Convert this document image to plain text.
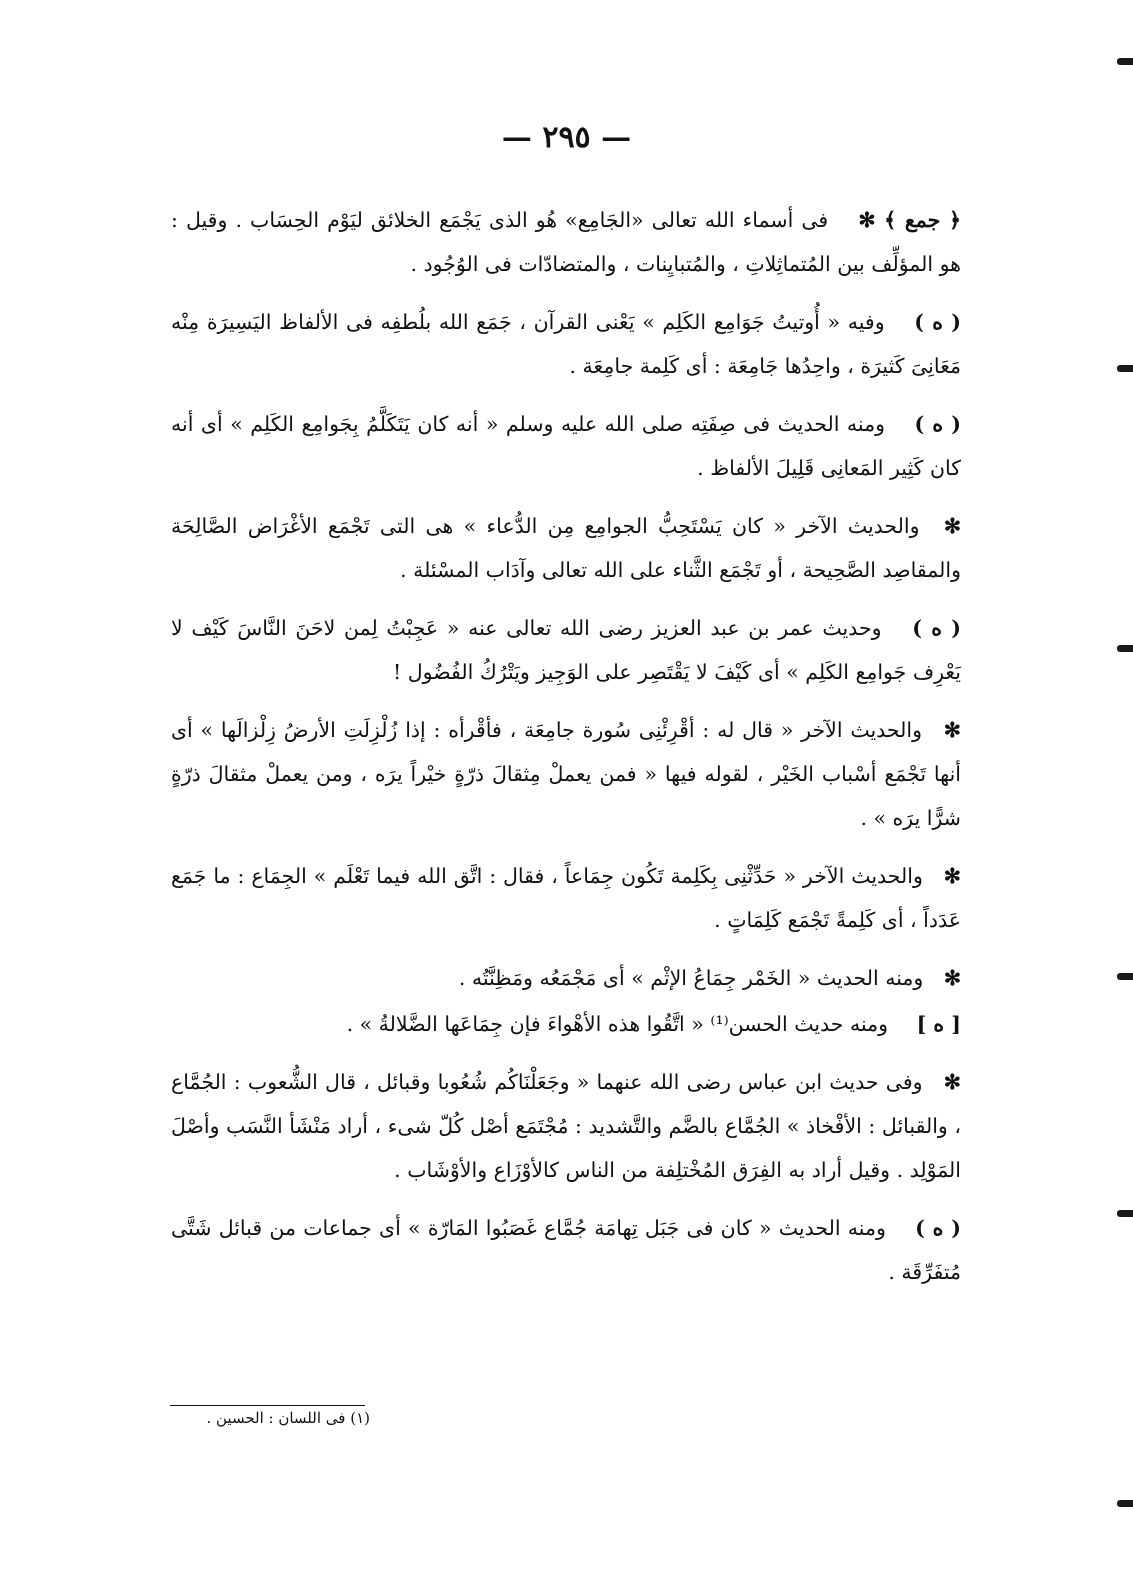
— ٢٩٥ —

﴿ جمع ﴾ ✻ فى أسماء الله تعالى «الجَامِع» هُو الذى يَجْمَع الخلائق ليَوْم الحِسَاب . وقيل : هو المؤلِّف بين المُتماثِلاتِ ، والمُتبايِنات ، والمتضادّات فى الوُجُود .

( ه ) وفيه « أُوتيتُ جَوَامِع الكَلِم » يَعْنى القرآن ، جَمَع الله بلُطفِه فى الألفاظ اليَسِيرَة مِنْه مَعَانِىَ كَثيرَة ، واحِدُها جَامِعَة : أى كَلِمة جامِعَة .

( ه ) ومنه الحديث فى صِفَتِه صلى الله عليه وسلم « أنه كان يَتَكَلَّمُ بِجَوامِع الكَلِم » أى أنه كان كَثِير المَعانِى قَلِيلَ الألفاظ .

✻ والحديث الآخر « كان يَسْتَحِبُّ الجوامِع مِن الدُّعاء » هى التى تَجْمَع الأغْرَاض الصَّالِحَة والمقاصِد الصَّحِيحة ، أو تَجْمَع الثَّناء على الله تعالى وآدَاب المسْئلة .

( ه ) وحديث عمر بن عبد العزيز رضى الله تعالى عنه « عَجِبْتُ لِمن لاحَنَ النَّاسَ كَيْف لا يَعْرِف جَوامِع الكَلِم » أى كَيْفَ لا يَقْتَصِر على الوَجِيز ويَتْرُكُ الفُضُول !

✻ والحديث الآخر « قال له : أقْرِئْنِى سُورة جامِعَة ، فأقْرأه : إذا زُلْزِلَتِ الأرضُ زِلْزالَها » أى أنها تَجْمَع أسْباب الخَيْر ، لقوله فيها « فمن يعملْ مِثقالَ ذرّةٍ خيْراً يرَه ، ومن يعملْ مثقالَ ذرّةٍ شرًّا يرَه » .

✻ والحديث الآخر « حَدِّثْنِى بِكَلِمة تَكُون جِمَاعاً ، فقال : اتَّق الله فيما تَعْلَم » الجِمَاع : ما جَمَع عَدَداً ، أى كَلِمةً تَجْمَع كَلِمَاتٍ .

✻ ومنه الحديث « الخَمْر جِمَاعُ الإثْم » أى مَجْمَعُه ومَظِنَّتُه .

[ ه ] ومنه حديث الحسن⁽¹⁾ « اتَّقُوا هذه الأهْواءَ فإن جِمَاعَها الضَّلالةُ » .

✻ وفى حديث ابن عباس رضى الله عنهما « وجَعَلْنَاكُم شُعُوبا وقبائل ، قال الشُّعوب : الجُمَّاع ، والقبائل : الأفْخاذ » الجُمَّاع بالضَّم والتَّشديد : مُجْتَمَع أصْل كُلّ شىء ، أراد مَنْشَأ النَّسَب وأصْلَ المَوْلِد . وقيل أراد به الفِرَق المُخْتلِفة من الناس كالأوْزَاع والأوْشَاب .

( ه ) ومنه الحديث « كان فى جَبَل تِهامَة جُمَّاع غَصَبُوا المَارّة » أى جماعات من قبائل شَتَّى مُتفَرِّقَة .

(١) فى اللسان : الحسين .
